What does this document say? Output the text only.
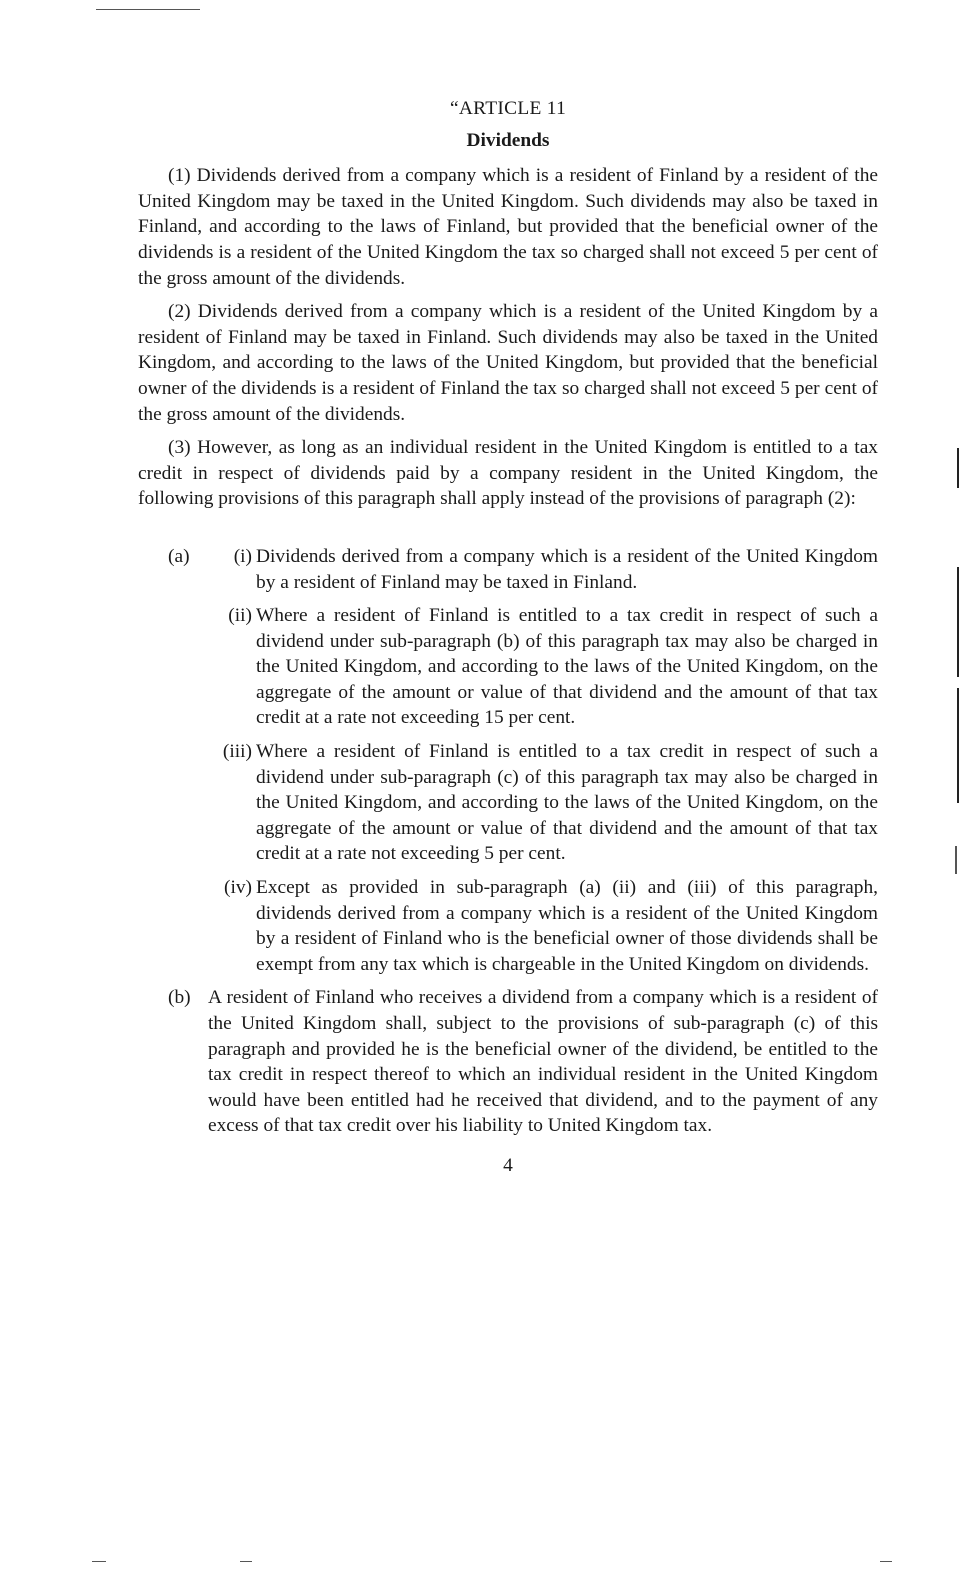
“ARTICLE 11
Dividends

(1) Dividends derived from a company which is a resident of Finland by a resident of the United Kingdom may be taxed in the United Kingdom. Such dividends may also be taxed in Finland, and according to the laws of Finland, but provided that the beneficial owner of the dividends is a resident of the United Kingdom the tax so charged shall not exceed 5 per cent of the gross amount of the dividends.

(2) Dividends derived from a company which is a resident of the United Kingdom by a resident of Finland may be taxed in Finland. Such dividends may also be taxed in the United Kingdom, and according to the laws of the United Kingdom, but provided that the beneficial owner of the dividends is a resident of Finland the tax so charged shall not exceed 5 per cent of the gross amount of the dividends.

(3) However, as long as an individual resident in the United Kingdom is entitled to a tax credit in respect of dividends paid by a company resident in the United Kingdom, the following provisions of this paragraph shall apply instead of the provisions of paragraph (2):

(a)	(i) Dividends derived from a company which is a resident of the United Kingdom by a resident of Finland may be taxed in Finland.
(ii) Where a resident of Finland is entitled to a tax credit in respect of such a dividend under sub-paragraph (b) of this paragraph tax may also be charged in the United Kingdom, and according to the laws of the United Kingdom, on the aggregate of the amount or value of that dividend and the amount of that tax credit at a rate not exceeding 15 per cent.
(iii) Where a resident of Finland is entitled to a tax credit in respect of such a dividend under sub-paragraph (c) of this paragraph tax may also be charged in the United Kingdom, and according to the laws of the United Kingdom, on the aggregate of the amount or value of that dividend and the amount of that tax credit at a rate not exceeding 5 per cent.
(iv) Except as provided in sub-paragraph (a) (ii) and (iii) of this paragraph, dividends derived from a company which is a resident of the United Kingdom by a resident of Finland who is the beneficial owner of those dividends shall be exempt from any tax which is chargeable in the United Kingdom on dividends.
(b) A resident of Finland who receives a dividend from a company which is a resident of the United Kingdom shall, subject to the provisions of sub-paragraph (c) of this paragraph and provided he is the beneficial owner of the dividend, be entitled to the tax credit in respect thereof to which an individual resident in the United Kingdom would have been entitled had he received that dividend, and to the payment of any excess of that tax credit over his liability to United Kingdom tax.
4
